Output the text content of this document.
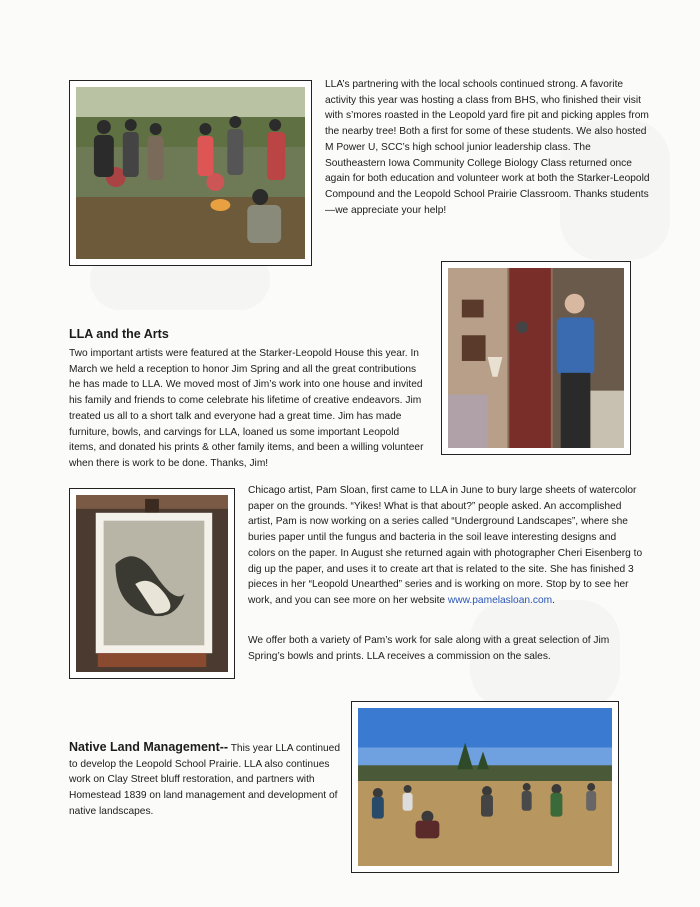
LLA’s partnering with the local schools continued strong. A favorite activity this year was hosting a class from BHS, who finished their visit with s’mores roasted in the Leopold yard fire pit and picking apples from the nearby tree! Both a first for some of these students. We also hosted M Power U, SCC’s high school junior leadership class. The Southeastern Iowa Community College Biology Class returned once again for both education and volunteer work at both the Starker-Leopold Compound and the Leopold School Prairie Classroom. Thanks students—we appreciate your help!

LLA and the Arts

Two important artists were featured at the Starker-Leopold House this year. In March we held a reception to honor Jim Spring and all the great contributions he has made to LLA. We moved most of Jim’s work into one house and invited his family and friends to come celebrate his lifetime of creative endeavors. Jim treated us all to a short talk and everyone had a great time. Jim has made furniture, bowls, and carvings for LLA, loaned us some important Leopold items, and donated his prints & other family items, and been a willing volunteer when there is work to be done. Thanks, Jim!

Chicago artist, Pam Sloan, first came to LLA in June to bury large sheets of watercolor paper on the grounds. “Yikes! What is that about?” people asked. An accomplished artist, Pam is now working on a series called “Underground Landscapes”, where she buries paper until the fungus and bacteria in the soil leave interesting designs and colors on the paper. In August she returned again with photographer Cheri Eisenberg to dig up the paper, and uses it to create art that is related to the site. She has finished 3 pieces in her “Leopold Unearthed” series and is working on more. Stop by to see her work, and you can see more on her website www.pamelasloan.com.

We offer both a variety of Pam’s work for sale along with a great selection of Jim Spring’s bowls and prints. LLA receives a commission on the sales.

Native Land Management-- This year LLA continued to develop the Leopold School Prairie. LLA also continues work on Clay Street bluff restoration, and partners with Homestead 1839 on land management and development of native landscapes.
